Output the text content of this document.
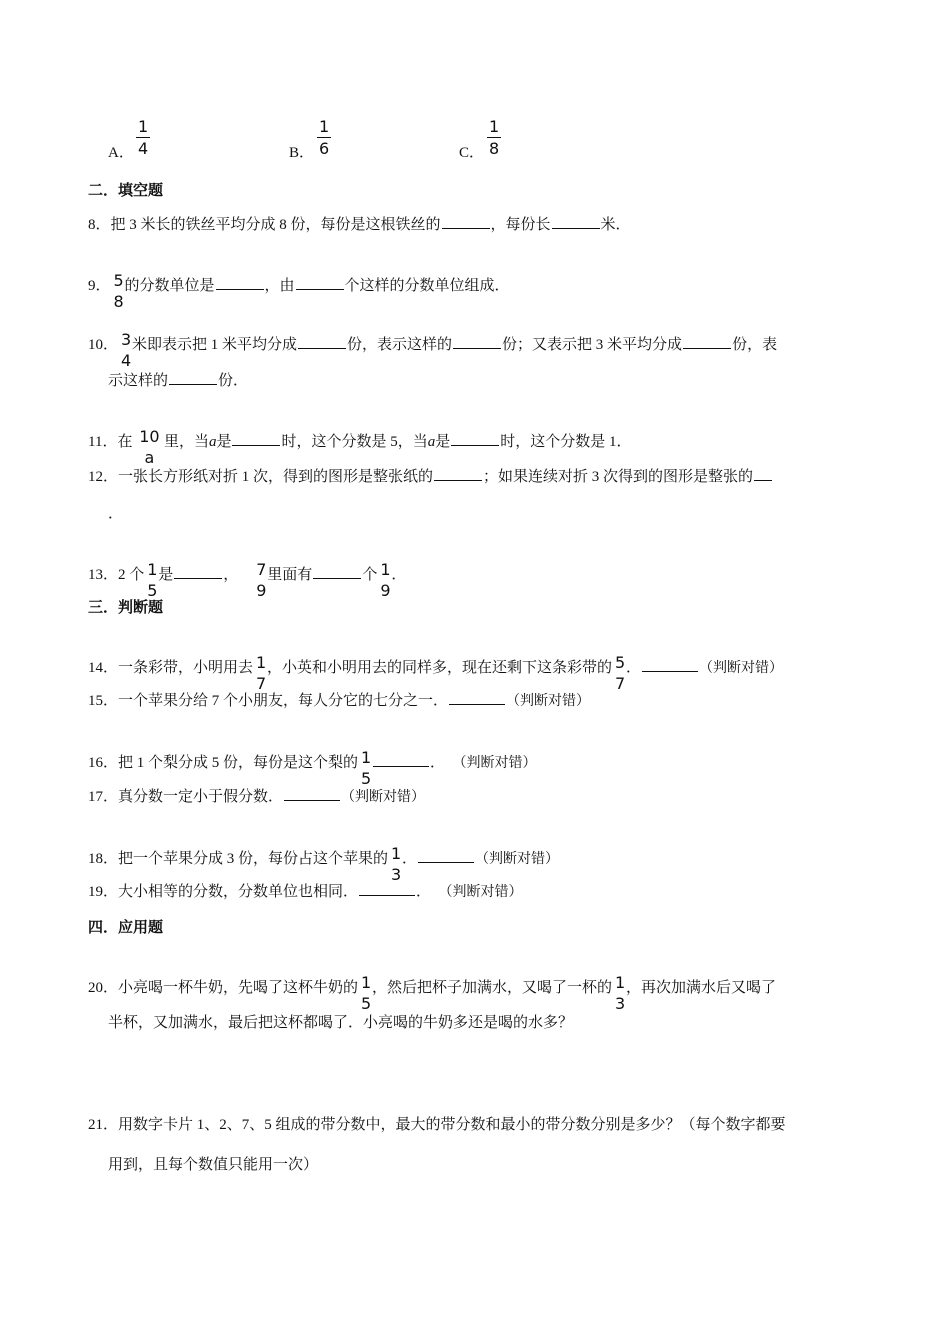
A．
1
4	B．
1
6	C．
1
8
二．填空题
8．把 3 米长的铁丝平均分成 8 份，每份是这根铁丝的	，每份长	米．
9． 5
8
的分数单位是	，由	个这样的分数单位组成．
10． 3
4
米即表示把 1 米平均分成	份，表示这样的	份；又表示把 3 米平均分成	份，表
示这样的	份．
11．在 10
a
里，当a是	时，这个分数是 5，当a是	时，这个分数是 1．
12．一张长方形纸对折 1 次，得到的图形是整张纸的	；如果连续对折 3 次得到的图形是整张的
．
13．2 个 1
5
是	， 7
9
里面有	个 1
9
．
三．判断题
14．一条彩带，小明用去 1
7
，小英和小明用去的同样多，现在还剩下这条彩带的 5
7
．	（判断对错）
15．一个苹果分给 7 个小朋友，每人分它的七分之一．	（判断对错）
16．把 1 个梨分成 5 份，每份是这个梨的 1
5
． （判断对错）
17．真分数一定小于假分数．	（判断对错）
18．把一个苹果分成 3 份，每份占这个苹果的 1
3
．	（判断对错）
19．大小相等的分数，分数单位也相同．	． （判断对错）
四．应用题
20．小亮喝一杯牛奶，先喝了这杯牛奶的 1
5
，然后把杯子加满水，又喝了一杯的 1
3
，再次加满水后又喝了
半杯，又加满水，最后把这杯都喝了．小亮喝的牛奶多还是喝的水多？
21．用数字卡片 1、2、7、5 组成的带分数中，最大的带分数和最小的带分数分别是多少？（每个数字都要
用到，且每个数值只能用一次）
